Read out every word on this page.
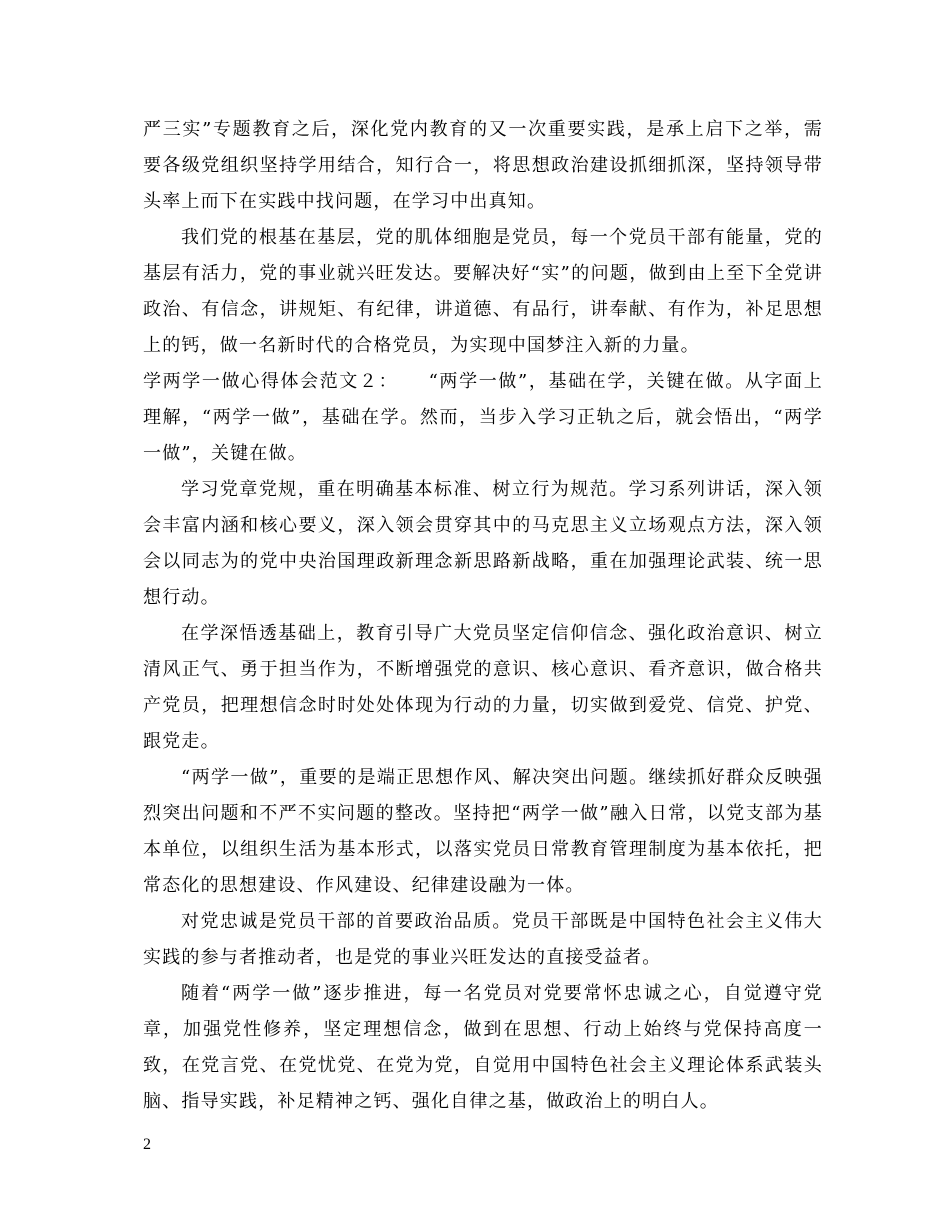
严三实”专题教育之后，深化党内教育的又一次重要实践，是承上启下之举，需要各级党组织坚持学用结合，知行合一，将思想政治建设抓细抓深，坚持领导带头率上而下在实践中找问题，在学习中出真知。

我们党的根基在基层，党的肌体细胞是党员，每一个党员干部有能量，党的基层有活力，党的事业就兴旺发达。要解决好“实”的问题，做到由上至下全党讲政治、有信念，讲规矩、有纪律，讲道德、有品行，讲奉献、有作为，补足思想上的钙，做一名新时代的合格党员，为实现中国梦注入新的力量。

学两学一做心得体会范文２：　　“两学一做”，基础在学，关键在做。从字面上理解，“两学一做”，基础在学。然而，当步入学习正轨之后，就会悟出，“两学一做”，关键在做。

学习党章党规，重在明确基本标准、树立行为规范。学习系列讲话，深入领会丰富内涵和核心要义，深入领会贯穿其中的马克思主义立场观点方法，深入领会以同志为的党中央治国理政新理念新思路新战略，重在加强理论武装、统一思想行动。

在学深悟透基础上，教育引导广大党员坚定信仰信念、强化政治意识、树立清风正气、勇于担当作为，不断增强党的意识、核心意识、看齐意识，做合格共产党员，把理想信念时时处处体现为行动的力量，切实做到爱党、信党、护党、跟党走。

“两学一做”，重要的是端正思想作风、解决突出问题。继续抓好群众反映强烈突出问题和不严不实问题的整改。坚持把“两学一做”融入日常，以党支部为基本单位，以组织生活为基本形式，以落实党员日常教育管理制度为基本依托，把常态化的思想建设、作风建设、纪律建设融为一体。

对党忠诚是党员干部的首要政治品质。党员干部既是中国特色社会主义伟大实践的参与者推动者，也是党的事业兴旺发达的直接受益者。

随着“两学一做”逐步推进，每一名党员对党要常怀忠诚之心，自觉遵守党章，加强党性修养，坚定理想信念，做到在思想、行动上始终与党保持高度一致，在党言党、在党忧党、在党为党，自觉用中国特色社会主义理论体系武装头脑、指导实践，补足精神之钙、强化自律之基，做政治上的明白人。

2
